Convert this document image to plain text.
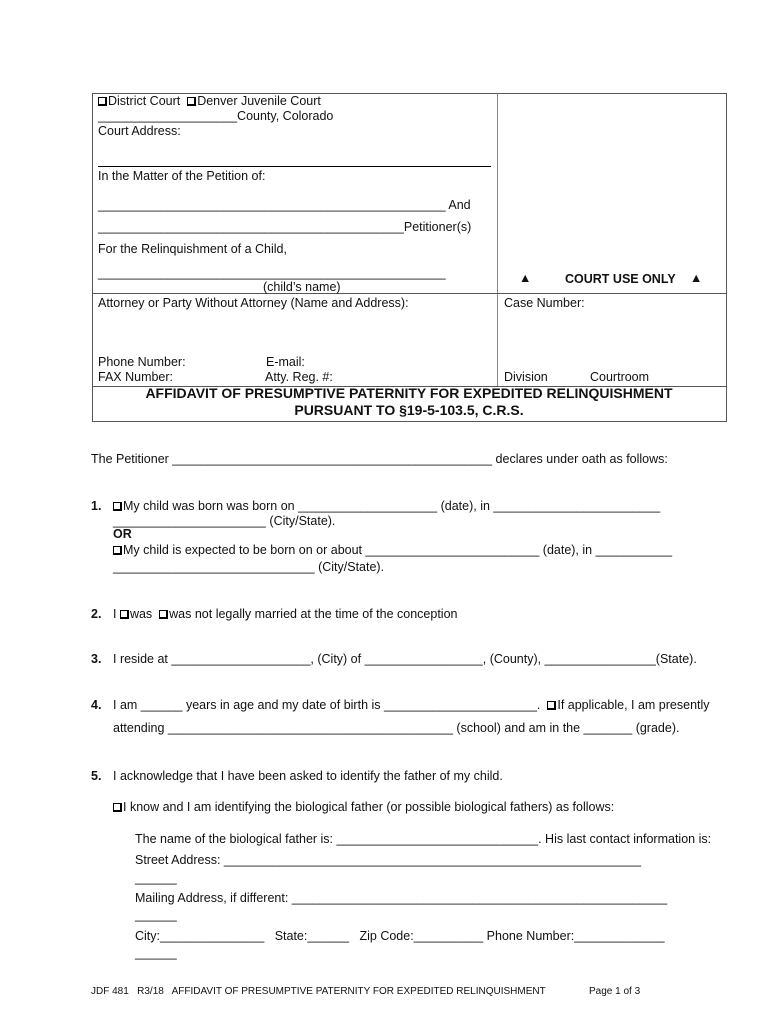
District Court Denver Juvenile Court
____________________County, Colorado
Court Address:
In the Matter of the Petition of:
__________________________________________________ And
____________________________________________Petitioner(s)
For the Relinquishment of a Child,
__________________________________________________
(child’s name)
▲	COURT USE ONLY ▲
Attorney or Party Without Attorney (Name and Address):	Case Number:
Phone Number:	E-mail:
FAX Number:	Atty. Reg. #:	Division	Courtroom
AFFIDAVIT OF PRESUMPTIVE PATERNITY FOR EXPEDITED RELINQUISHMENT
PURSUANT TO §19-5-103.5, C.R.S.
The Petitioner ______________________________________________ declares under oath as follows:
1.	My child was born was born on ____________________ (date), in ________________________
______________________ (City/State).
OR
My child is expected to be born on or about _________________________ (date), in ___________
_____________________________ (City/State).
2. I was  was not legally married at the time of the conception
3. I reside at ____________________, (City) of _________________, (County), ________________(State).
4. I am ______ years in age and my date of birth is ______________________.  If applicable, I am presently
attending _________________________________________ (school) and am in the _______ (grade).
5. I acknowledge that I have been asked to identify the father of my child.
I know and I am identifying the biological father (or possible biological fathers) as follows:
The name of the biological father is: _____________________________. His last contact information is:
Street Address: ____________________________________________________________
______
Mailing Address, if different: ______________________________________________________
______
City:_______________   State:______   Zip Code:__________ Phone Number:_____________
______
JDF 481   R3/18   AFFIDAVIT OF PRESUMPTIVE PATERNITY FOR EXPEDITED RELINQUISHMENT	Page 1 of 3
